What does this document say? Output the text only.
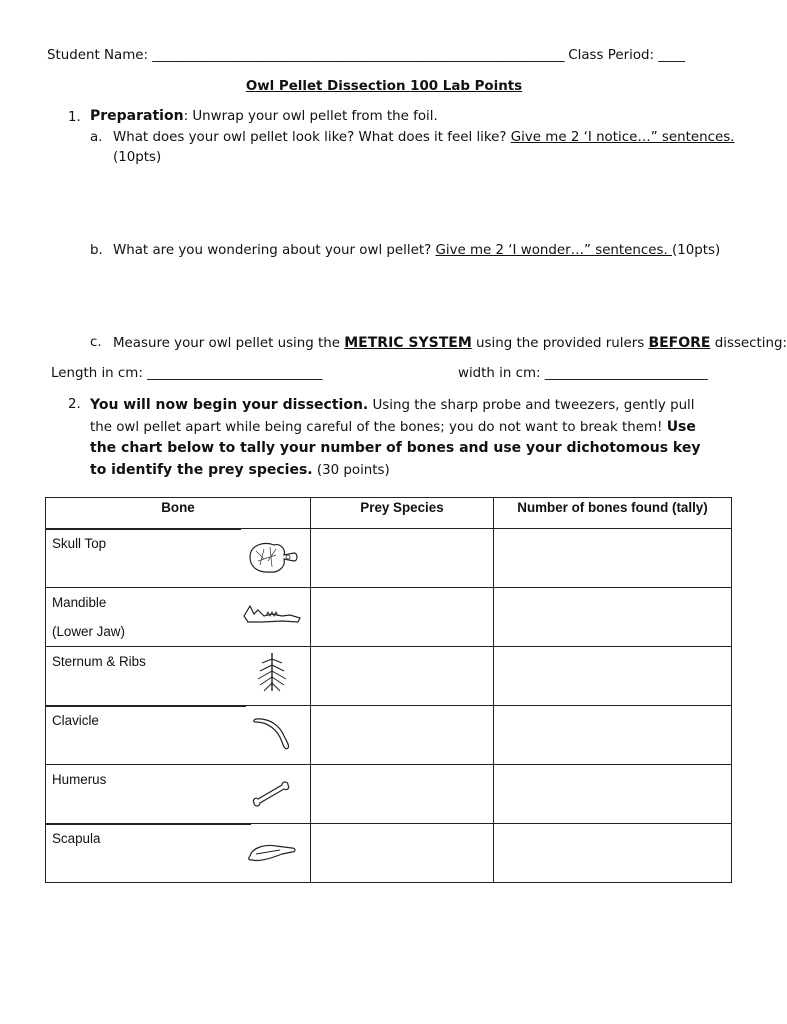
Student Name: ___________________________________________________________________ Class Period: ____
Owl Pellet Dissection 100 Lab Points
1. Preparation: Unwrap your owl pellet from the foil.
a. What does your owl pellet look like? What does it feel like? Give me 2 ‘I notice…” sentences.
(10pts)
b. What are you wondering about your owl pellet? Give me 2 ‘I wonder…” sentences. (10pts)
c. Measure your owl pellet using the METRIC SYSTEM using the provided rulers BEFORE dissecting:
Length in cm: ____________________________	width in cm: __________________________
2. You will now begin your dissection. Using the sharp probe and tweezers, gently pull the owl pellet apart while being careful of the bones; you do not want to break them! Use the chart below to tally your number of bones and use your dichotomous key to identify the prey species. (30 points)
Bone	Prey Species	Number of bones found (tally)

Skull Top		

Mandible
(Lower Jaw)		

Sternum & Ribs		

Clavicle		

Humerus		

Scapula		
